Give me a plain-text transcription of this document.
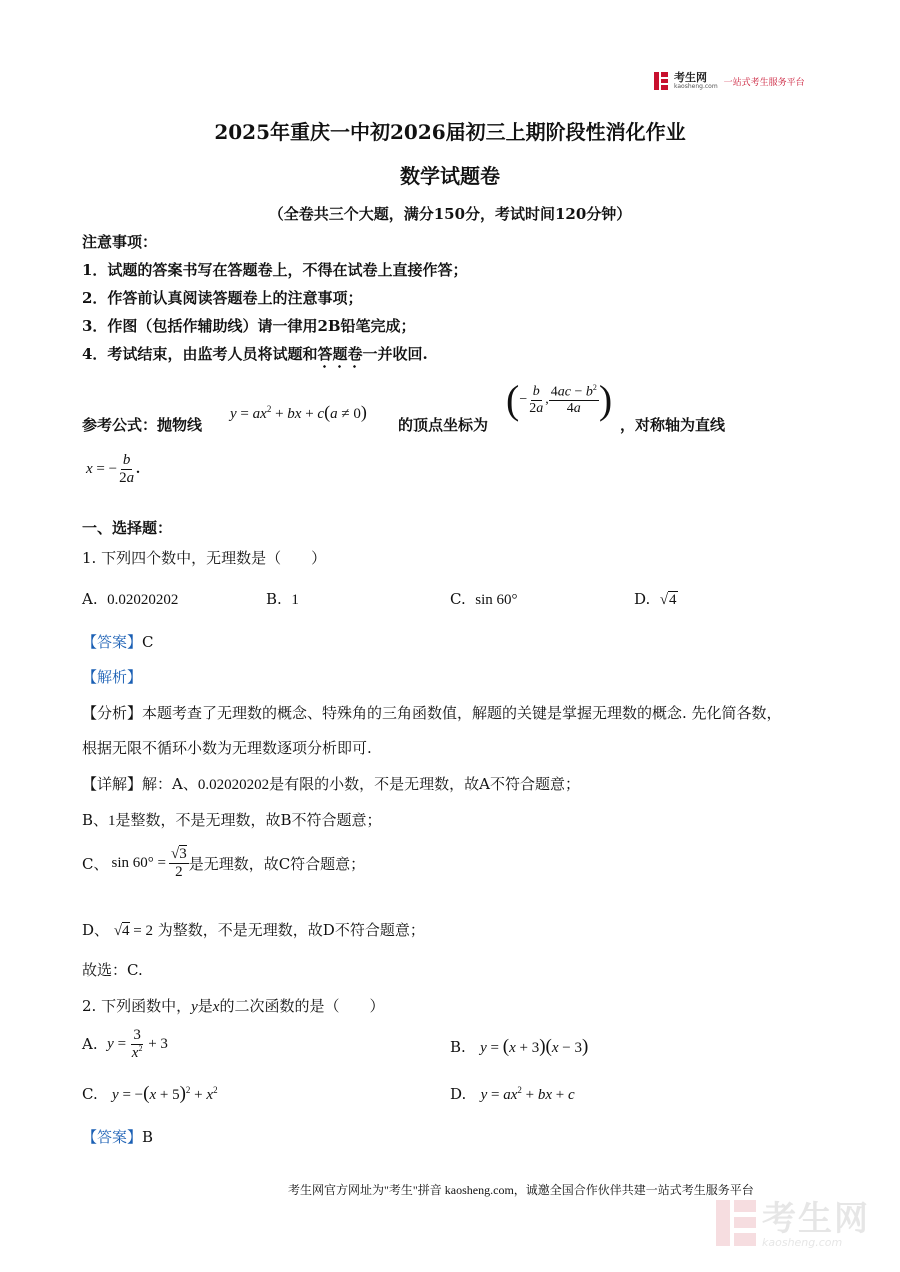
考生网
kaosheng.com 一站式考生服务平台
2025年重庆一中初2026届初三上期阶段性消化作业
数学试题卷
（全卷共三个大题，满分150分，考试时间120分钟）
注意事项：
1．试题的答案书写在答题卷上，不得在试卷上直接作答；
2．作答前认真阅读答题卷上的注意事项；
3．作图（包括作辅助线）请一律用2B铅笔完成；
4．考试结束，由监考人员将试题和答题卷一并收回.
参考公式：抛物线
$y = ax^2$ + bx + c(a ≠ 0)
的顶点坐标为
( − $\frac{b}{2a}$ , $\frac{4ac - b^2}{4a}$ )
，对称轴为直线
x = − $\frac{b}{2a}$ .
一、选择题：
1. 下列四个数中，无理数是（　　）
A. 0.02020202	B. 1	C. sin 60°	D. √4
【答案】C
【解析】
【分析】本题考查了无理数的概念、特殊角的三角函数值，解题的关键是掌握无理数的概念. 先化简各数，
根据无限不循环小数为无理数逐项分析即可.
【详解】解：A、0.02020202是有限的小数，不是无理数，故A不符合题意；
B、1是整数，不是无理数，故B不符合题意；
C、 $\sin 60^\circ = \frac{√3}{2}$ 是无理数，故C符合题意；
D、 √4 = 2 为整数，不是无理数，故D不符合题意；
故选：C.
2. 下列函数中，y是x的二次函数的是（　　）
A.
$y = \frac{3}{x^2} + 3$	B. y = (x + 3)(x − 3)
C. $y = -(x + 5)^2 + x^2$	D. $y = ax^2$ + bx + c
【答案】B
考生网官方网址为"考生"拼音 kaosheng.com，诚邀全国合作伙伴共建一站式考生服务平台
考生网
kaosheng.com
